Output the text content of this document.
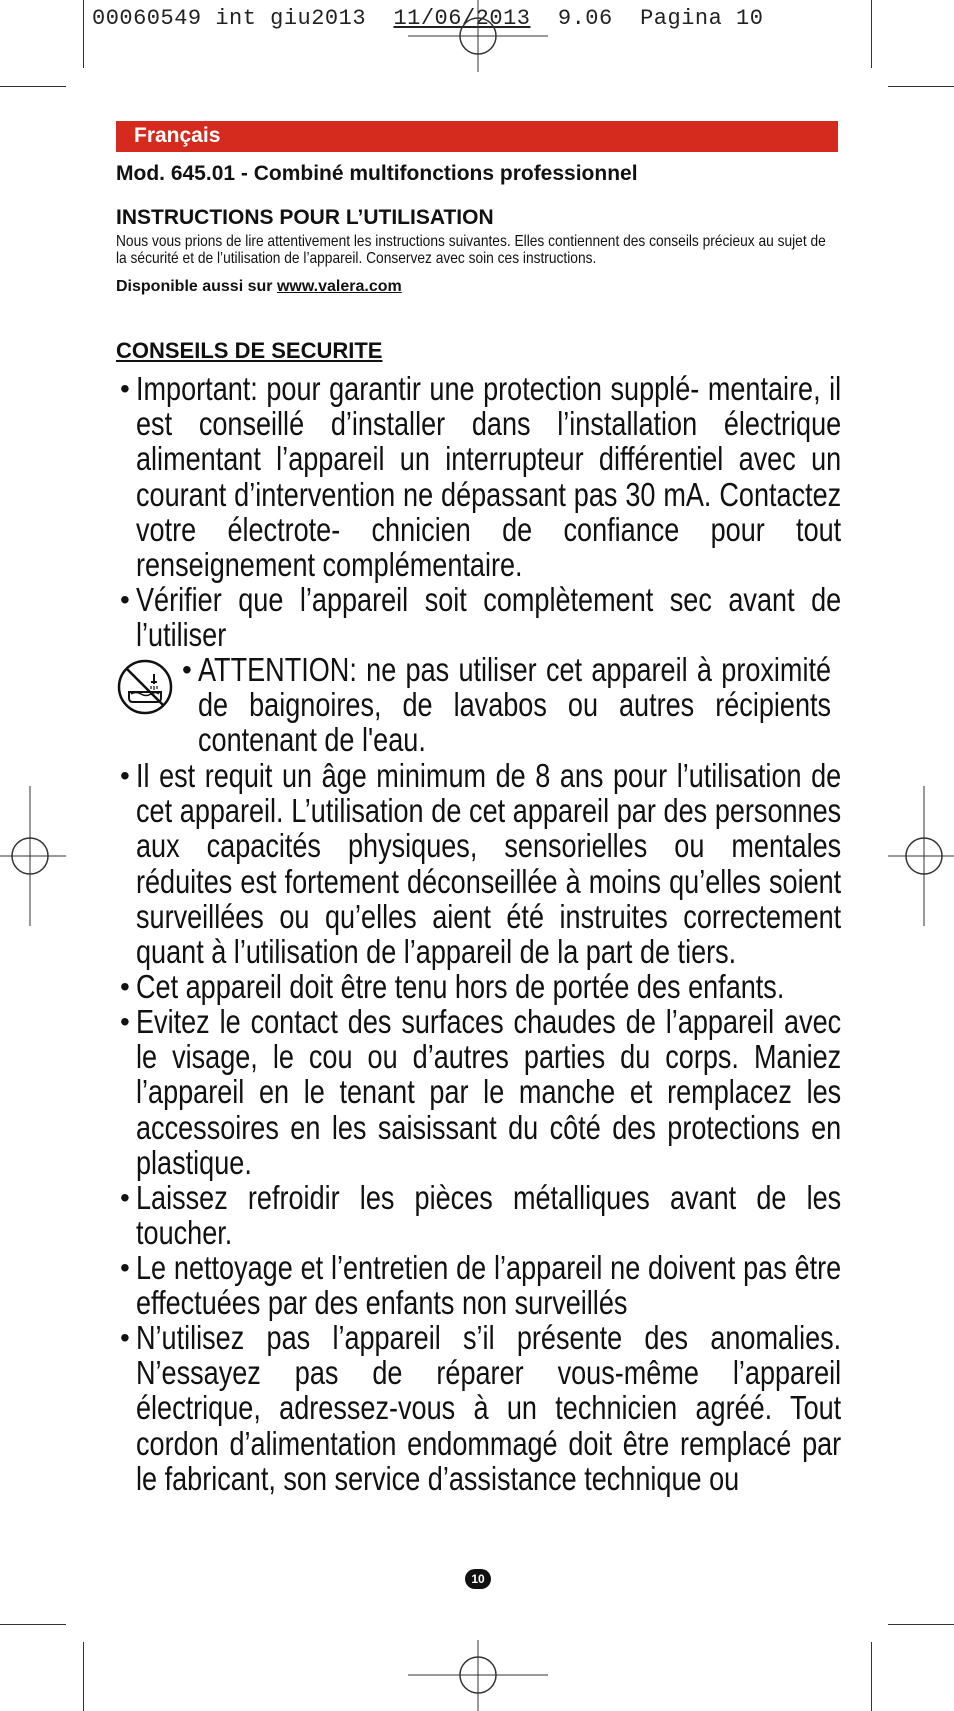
00060549 int giu2013 11/06/2013 9.06 Pagina 10
Français
Mod. 645.01 - Combiné multifonctions professionnel
INSTRUCTIONS POUR L’UTILISATION
Nous vous prions de lire attentivement les instructions suivantes. Elles contiennent des conseils précieux au sujet de la sécurité et de l’utilisation de l’appareil. Conservez avec soin ces instructions.
Disponible aussi sur www.valera.com
CONSEILS DE SECURITE
• Important: pour garantir une protection supplé- mentaire, il est conseillé d’installer dans l’installation électrique alimentant l’appareil un interrupteur différentiel avec un courant d’intervention ne dépassant pas 30 mA. Contactez votre électrote- chnicien de confiance pour tout renseignement complémentaire.
• Vérifier que l’appareil soit complètement sec avant de l’utiliser
• ATTENTION: ne pas utiliser cet appareil à proximité de baignoires, de lavabos ou autres récipients contenant de l'eau.
• Il est requit un âge minimum de 8 ans pour l’utilisation de cet appareil. L’utilisation de cet appareil par des personnes aux capacités physiques, sensorielles ou mentales réduites est fortement déconseillée à moins qu’elles soient surveillées ou qu’elles aient été instruites correctement quant à l’utilisation de l’appareil de la part de tiers.
• Cet appareil doit être tenu hors de portée des enfants.
• Evitez le contact des surfaces chaudes de l’appareil avec le visage, le cou ou d’autres parties du corps. Maniez l’appareil en le tenant par le manche et remplacez les accessoires en les saisissant du côté des protections en plastique.
• Laissez refroidir les pièces métalliques avant de les toucher.
• Le nettoyage et l’entretien de l’appareil ne doivent pas être effectuées par des enfants non surveillés
• N’utilisez pas l’appareil s’il présente des anomalies. N’essayez pas de réparer vous-même l’appareil électrique, adressez-vous à un technicien agréé. Tout cordon d’alimentation endommagé doit être remplacé par le fabricant, son service d’assistance technique ou
10
